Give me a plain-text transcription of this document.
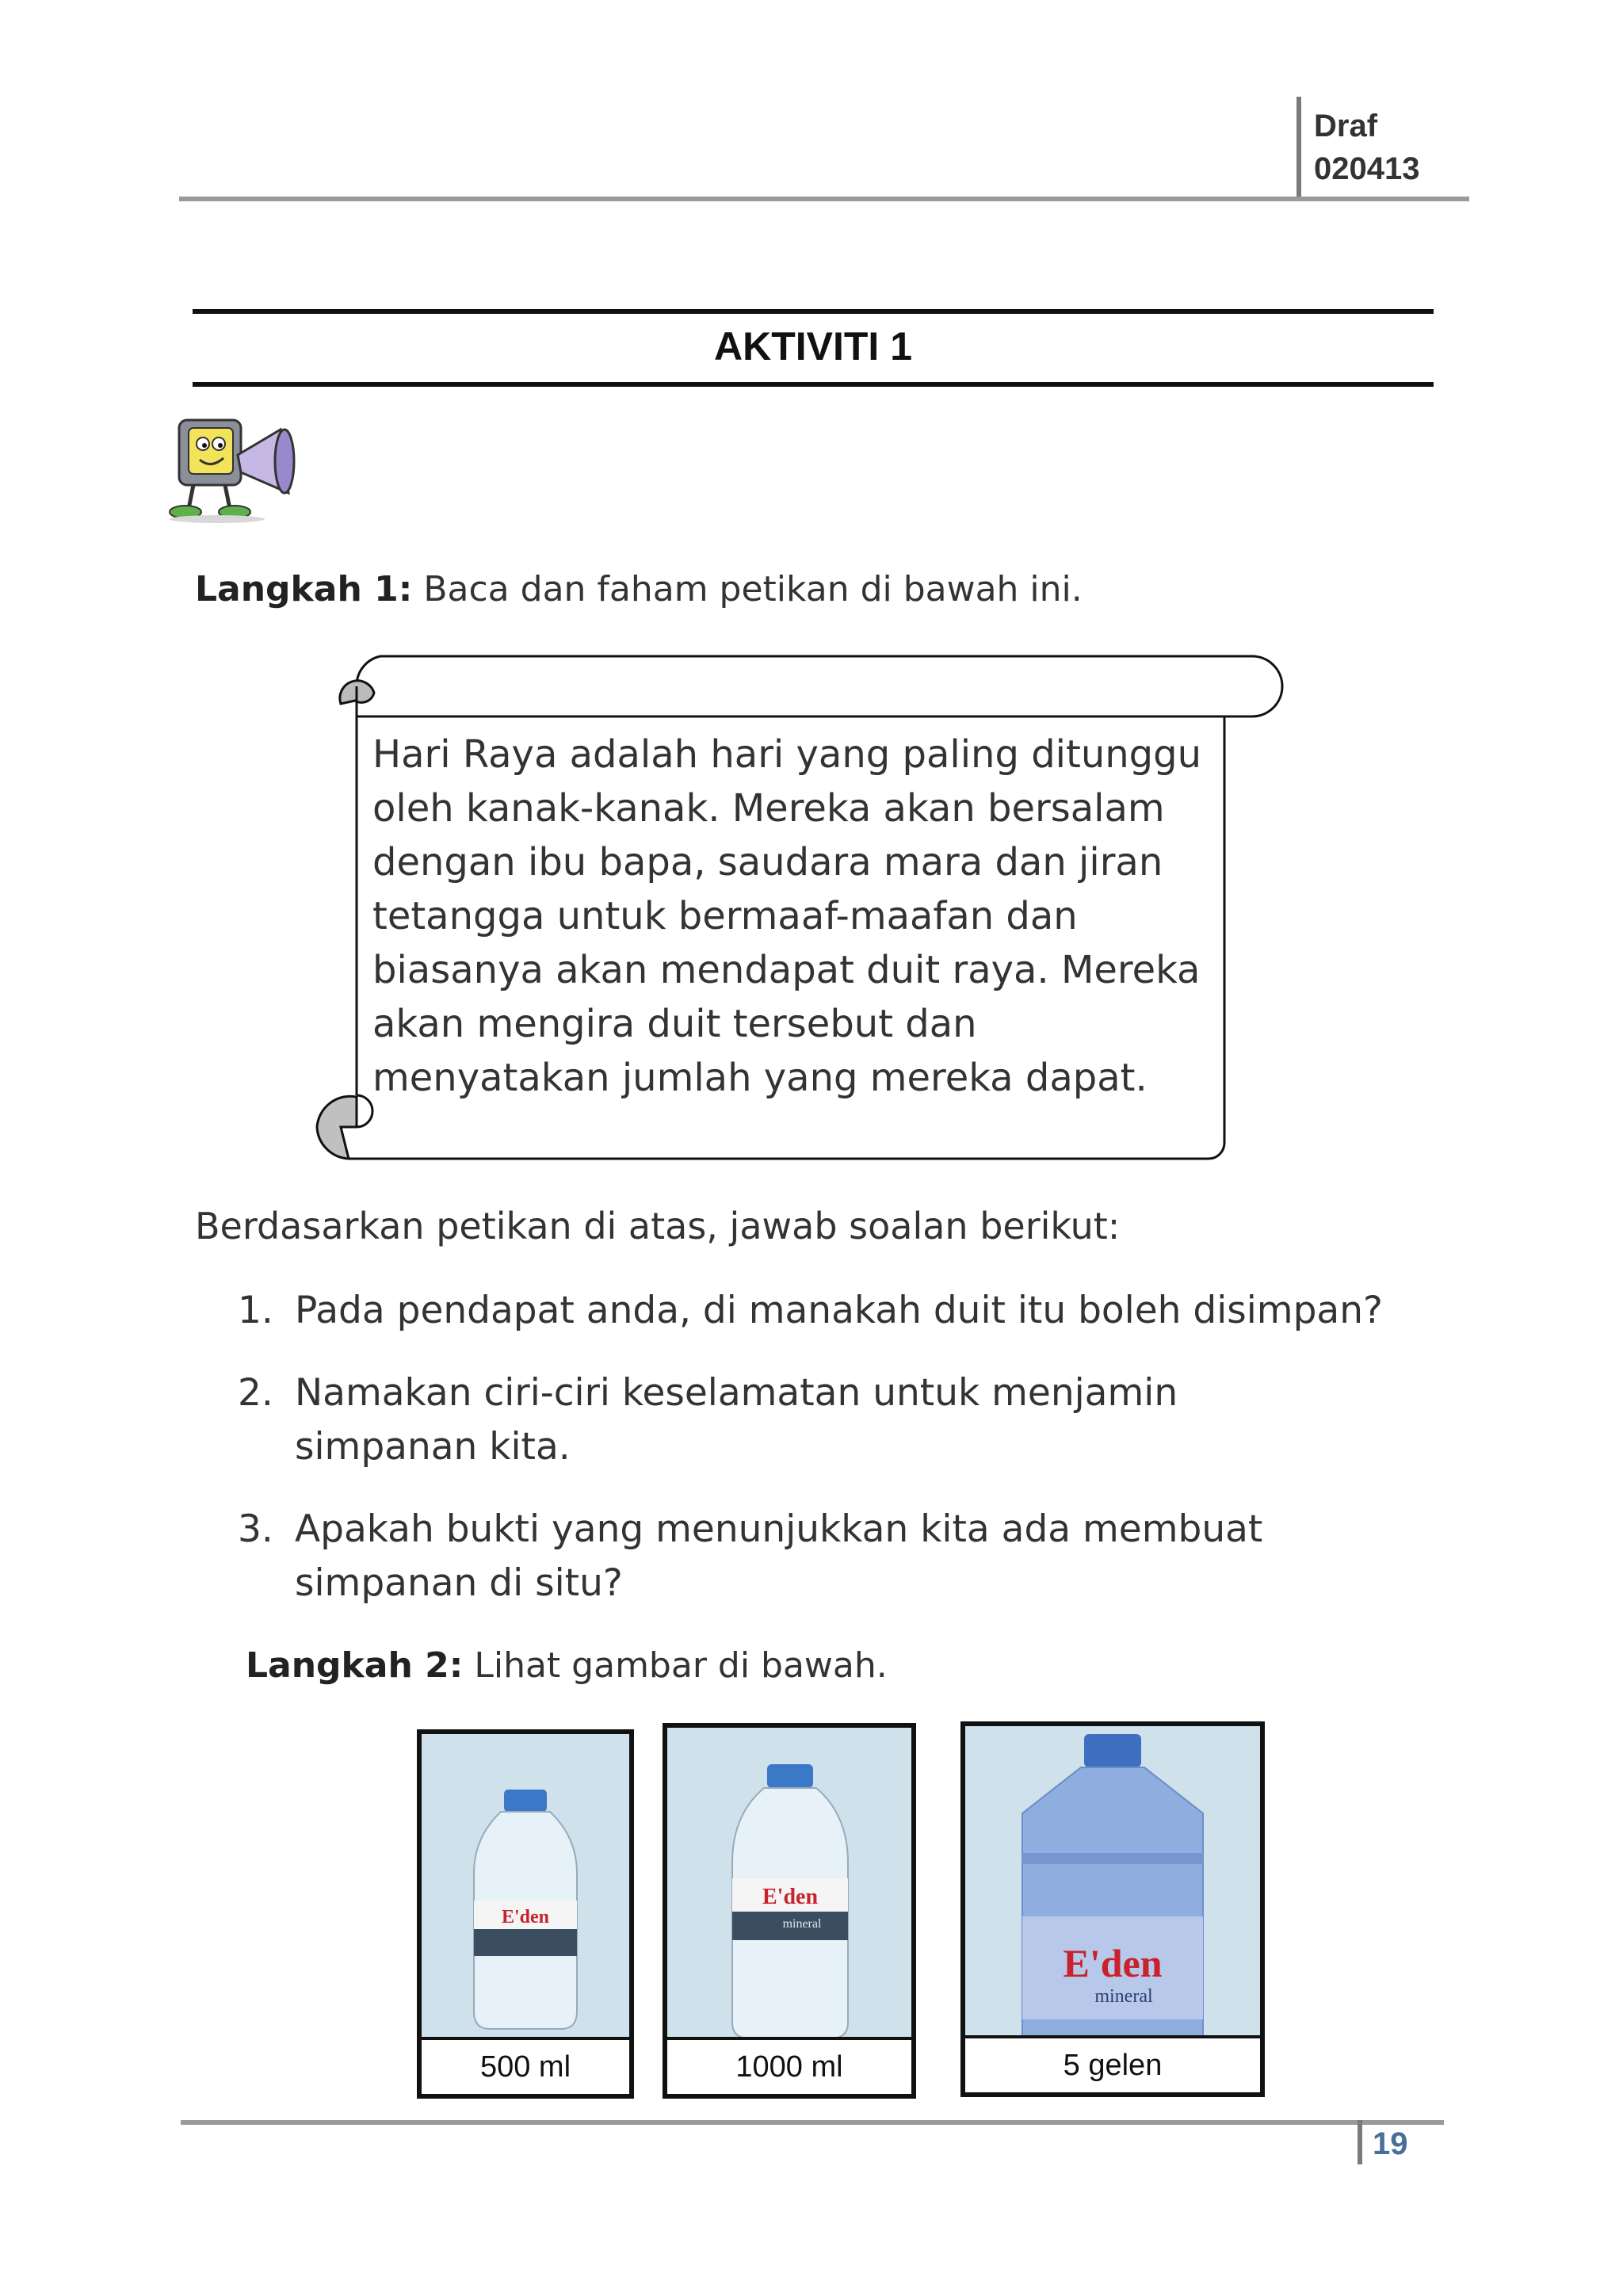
Draf
020413
AKTIVITI 1
Langkah 1: Baca dan faham petikan di bawah ini.
Hari Raya adalah hari yang paling ditunggu
oleh kanak-kanak. Mereka akan bersalam
dengan ibu bapa, saudara mara dan jiran
tetangga untuk bermaaf-maafan dan
biasanya akan mendapat duit raya. Mereka
akan mengira duit tersebut dan
menyatakan jumlah yang mereka dapat.
Berdasarkan petikan di atas, jawab soalan berikut:
1. Pada pendapat anda, di manakah duit itu boleh disimpan?
2. Namakan ciri-ciri keselamatan untuk menjamin simpanan kita.
3. Apakah bukti yang menunjukkan kita ada membuat simpanan di situ?
Langkah 2: Lihat gambar di bawah.
E'den
500 ml
E'den
mineral
1000 ml
E'den
mineral
5 gelen
19
